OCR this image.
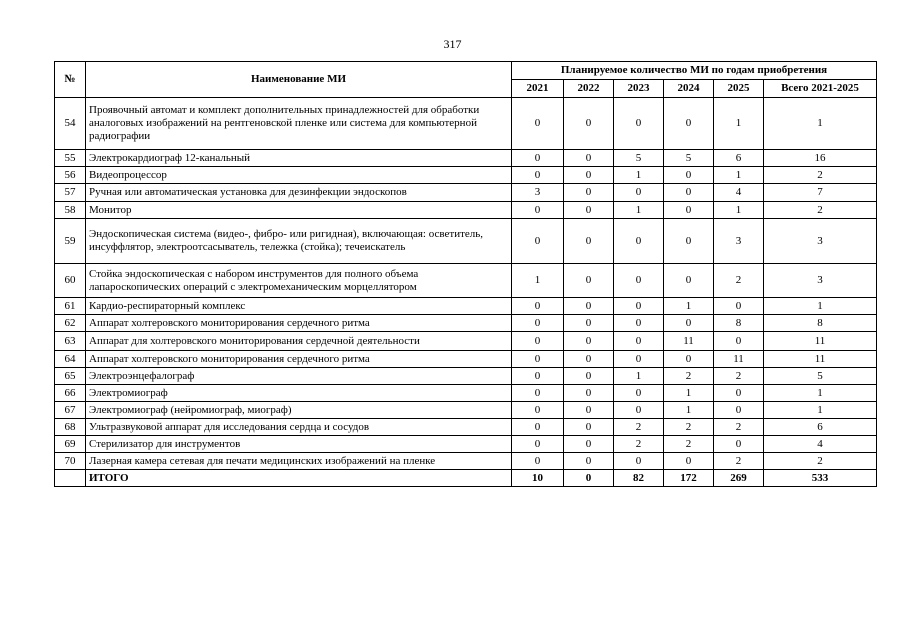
317
№	Наименование МИ	Планируемое количество МИ по годам приобретения					
		2021	2022	2023	2024	2025	Всего 2021-2025
54	Проявочный автомат и комплект дополнительных принадлежностей для обработки аналоговых изображений на рентгеновской пленке или система для компьютерной радиографии	0	0	0	0	1	1
55	Электрокардиограф 12-канальный	0	0	5	5	6	16
56	Видеопроцессор	0	0	1	0	1	2
57	Ручная или автоматическая установка для дезинфекции эндоскопов	3	0	0	0	4	7
58	Монитор	0	0	1	0	1	2
59	Эндоскопическая система (видео-, фибро- или ригидная), включающая: осветитель, инсуффлятор, электроотсасыватель, тележка (стойка); течеискатель	0	0	0	0	3	3
60	Стойка эндоскопическая с набором инструментов для полного объема лапароскопических операций с электромеханическим морцеллятором	1	0	0	0	2	3
61	Кардио-респираторный комплекс	0	0	0	1	0	1
62	Аппарат холтеровского мониторирования сердечного ритма	0	0	0	0	8	8
63	Аппарат для холтеровского мониторирования сердечной деятельности	0	0	0	11	0	11
64	Аппарат холтеровского мониторирования сердечного ритма	0	0	0	0	11	11
65	Электроэнцефалограф	0	0	1	2	2	5
66	Электромиограф	0	0	0	1	0	1
67	Электромиограф (нейромиограф, миограф)	0	0	0	1	0	1
68	Ультразвуковой аппарат для исследования сердца и сосудов	0	0	2	2	2	6
69	Стерилизатор для инструментов	0	0	2	2	0	4
70	Лазерная камера сетевая для печати медицинских изображений на пленке	0	0	0	0	2	2
	ИТОГО	10	0	82	172	269	533
